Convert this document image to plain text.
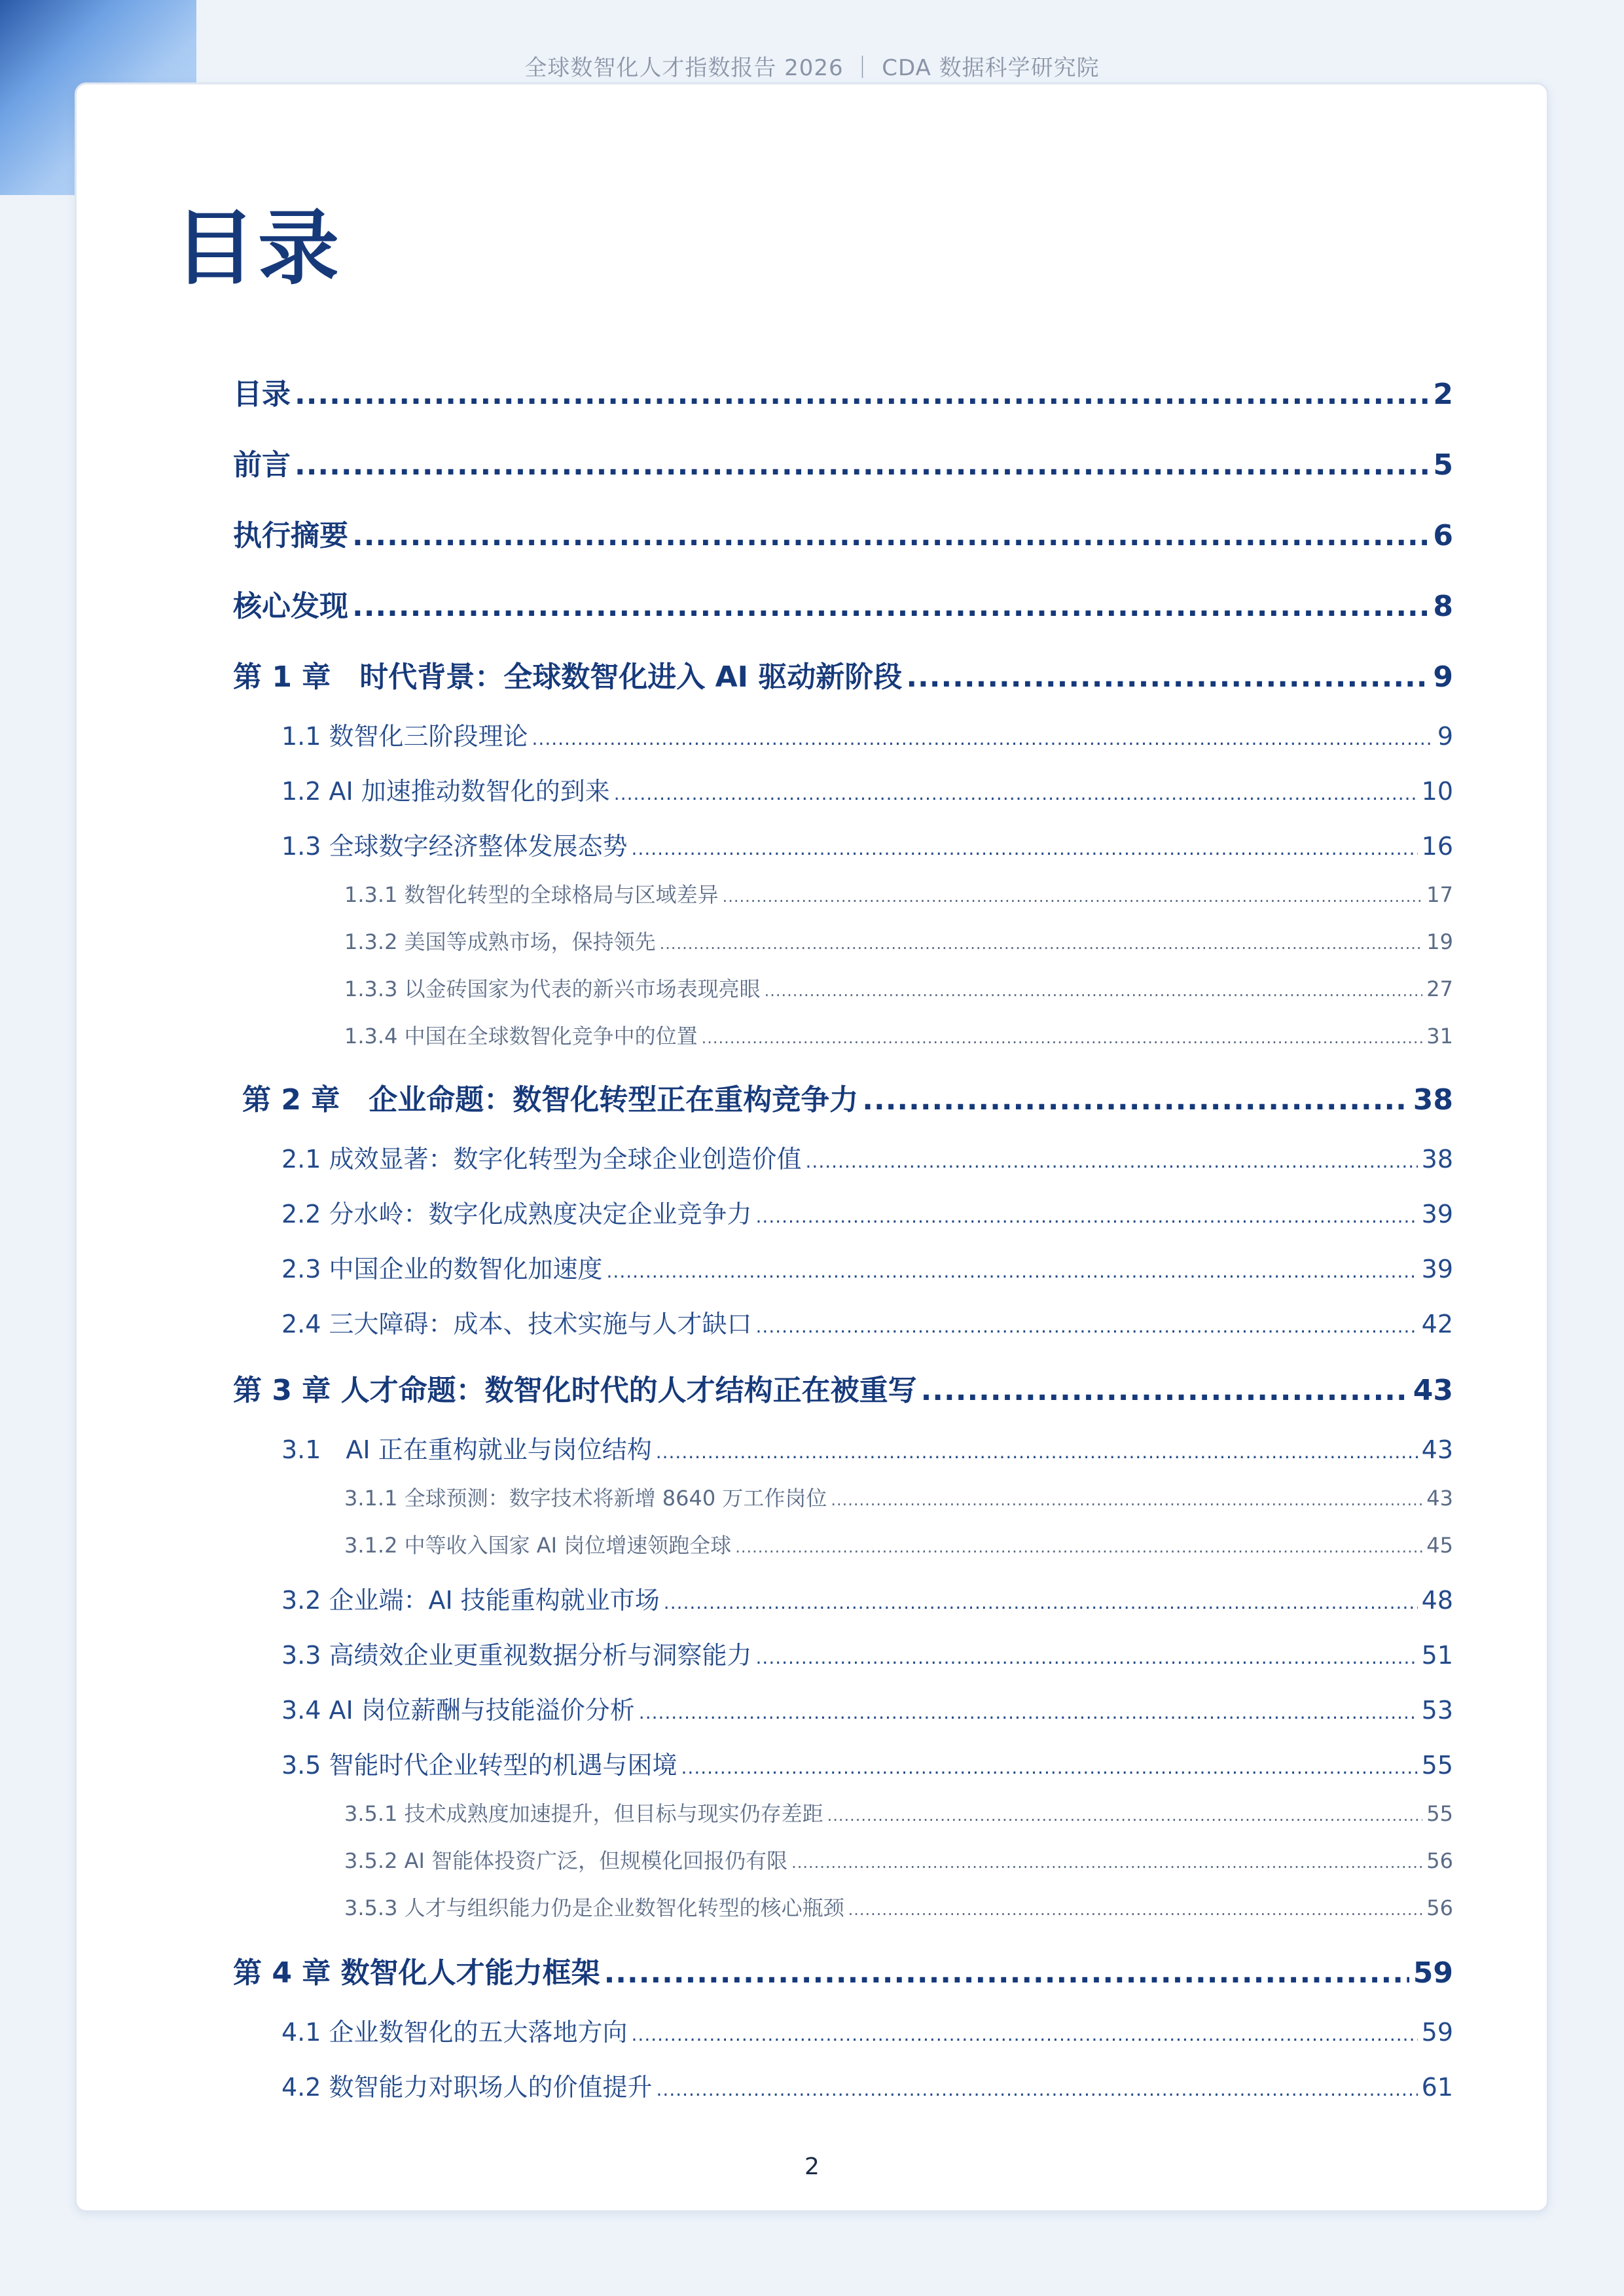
全球数智化人才指数报告 2026 ｜ CDA 数据科学研究院
目录
目录 .....	2
前言 .....	5
执行摘要 .....	6
核心发现 .....	8
第 1 章　时代背景：全球数智化进入 AI 驱动新阶段 .....	9
1.1 数智化三阶段理论 .....	9
1.2 AI 加速推动数智化的到来 .....	10
1.3 全球数字经济整体发展态势 .....	16
1.3.1 数智化转型的全球格局与区域差异 .....	17
1.3.2 美国等成熟市场，保持领先 .....	19
1.3.3 以金砖国家为代表的新兴市场表现亮眼 .....	27
1.3.4 中国在全球数智化竞争中的位置 .....	31
第 2 章　企业命题：数智化转型正在重构竞争力 .....	38
2.1 成效显著：数字化转型为全球企业创造价值 .....	38
2.2 分水岭：数字化成熟度决定企业竞争力 .....	39
2.3 中国企业的数智化加速度 .....	39
2.4 三大障碍：成本、技术实施与人才缺口 .....	42
第 3 章 人才命题：数智化时代的人才结构正在被重写 .....	43
3.1　AI 正在重构就业与岗位结构 .....	43
3.1.1 全球预测：数字技术将新增 8640 万工作岗位 .....	43
3.1.2 中等收入国家 AI 岗位增速领跑全球 .....	45
3.2 企业端：AI 技能重构就业市场 .....	48
3.3 高绩效企业更重视数据分析与洞察能力 .....	51
3.4 AI 岗位薪酬与技能溢价分析 .....	53
3.5 智能时代企业转型的机遇与困境 .....	55
3.5.1 技术成熟度加速提升，但目标与现实仍存差距 .....	55
3.5.2 AI 智能体投资广泛，但规模化回报仍有限 .....	56
3.5.3 人才与组织能力仍是企业数智化转型的核心瓶颈 .....	56
第 4 章 数智化人才能力框架 .....	59
4.1 企业数智化的五大落地方向 .....	59
4.2 数智能力对职场人的价值提升 .....	61
2
